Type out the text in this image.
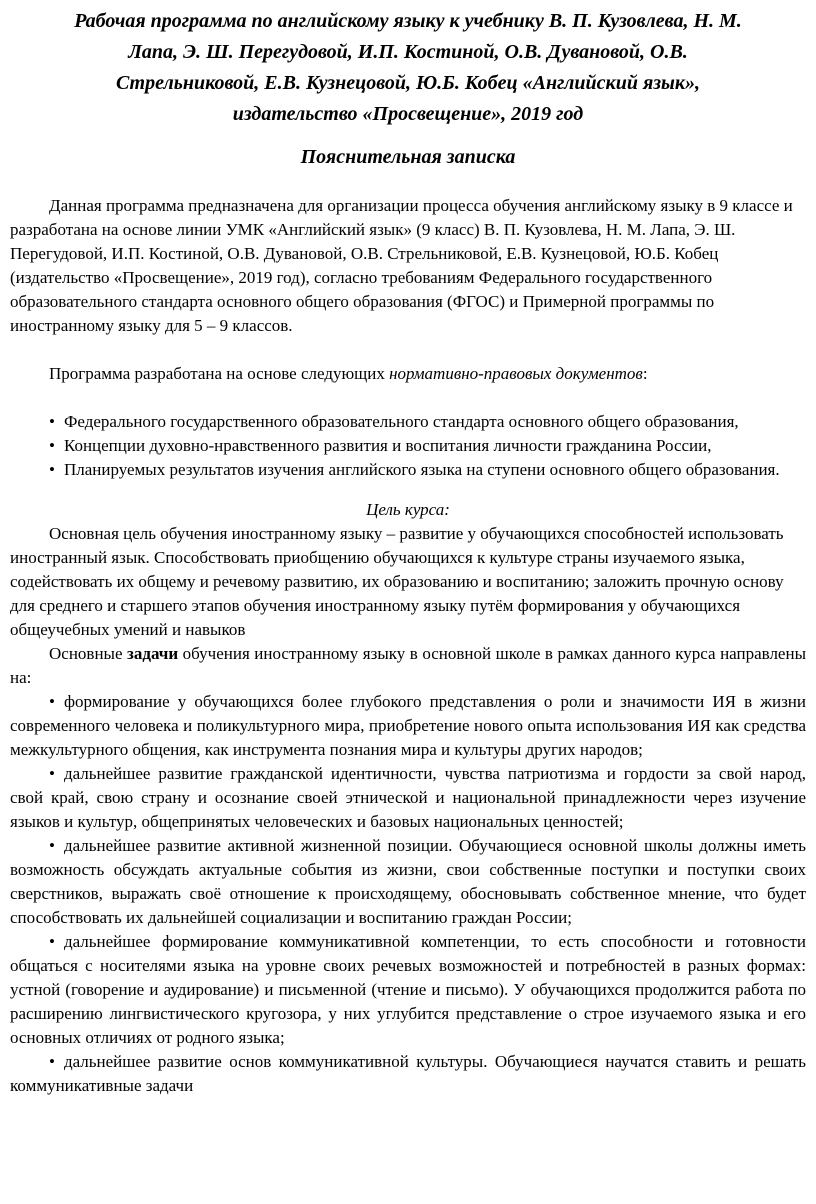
Рабочая программа по английскому языку к учебнику В. П. Кузовлева, Н. М. Лапа, Э. Ш. Перегудовой, И.П. Костиной, О.В. Дувановой, О.В. Стрельниковой, Е.В. Кузнецовой, Ю.Б. Кобец «Английский язык», издательство «Просвещение», 2019 год
Пояснительная записка

Данная программа предназначена для организации процесса обучения английскому языку в 9 классе и разработана на основе линии УМК «Английский язык» (9 класс) В. П. Кузовлева, Н. М. Лапа, Э. Ш. Перегудовой, И.П. Костиной, О.В. Дувановой, О.В. Стрельниковой, Е.В. Кузнецовой, Ю.Б. Кобец (издательство «Просвещение», 2019 год), согласно требованиям Федерального государственного образовательного стандарта основного общего образования (ФГОС) и Примерной программы по иностранному языку для 5 – 9 классов.

Программа разработана на основе следующих нормативно-правовых документов:

• Федерального государственного образовательного стандарта основного общего образования,
• Концепции духовно-нравственного развития и воспитания личности гражданина России,
• Планируемых результатов изучения английского языка на ступени основного общего образования.

Цель курса:

Основная цель обучения иностранному языку – развитие у обучающихся способностей использовать иностранный язык. Способствовать приобщению обучающихся к культуре страны изучаемого языка, содействовать их общему и речевому развитию, их образованию и воспитанию; заложить прочную основу для среднего и старшего этапов обучения иностранному языку путём формирования у обучающихся общеучебных умений и навыков

Основные задачи обучения иностранному языку в основной школе в рамках данного курса направлены на:

• формирование у обучающихся более глубокого представления о роли и значимости ИЯ в жизни современного человека и поликультурного мира, приобретение нового опыта использования ИЯ как средства межкультурного общения, как инструмента познания мира и культуры других народов;
• дальнейшее развитие гражданской идентичности, чувства патриотизма и гордости за свой народ, свой край, свою страну и осознание своей этнической и национальной принадлежности через изучение языков и культур, общепринятых человеческих и базовых национальных ценностей;
• дальнейшее развитие активной жизненной позиции. Обучающиеся основной школы должны иметь возможность обсуждать актуальные события из жизни, свои собственные поступки и поступки своих сверстников, выражать своё отношение к происходящему, обосновывать собственное мнение, что будет способствовать их дальнейшей социализации и воспитанию граждан России;
• дальнейшее формирование коммуникативной компетенции, то есть способности и готовности общаться с носителями языка на уровне своих речевых возможностей и потребностей в разных формах: устной (говорение и аудирование) и письменной (чтение и письмо). У обучающихся продолжится работа по расширению лингвистического кругозора, у них углубится представление о строе изучаемого языка и его основных отличиях от родного языка;
• дальнейшее развитие основ коммуникативной культуры. Обучающиеся научатся ставить и решать коммуникативные задачи
